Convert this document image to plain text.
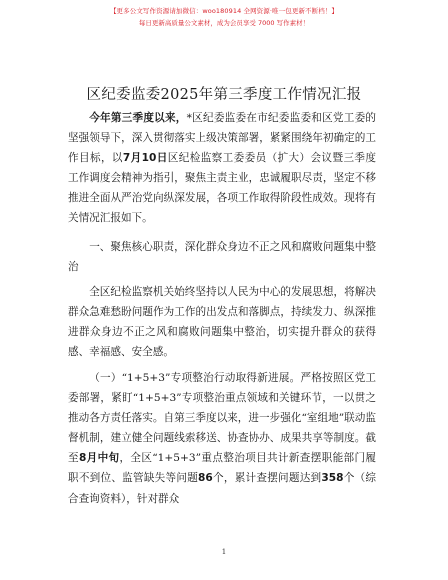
【更多公文写作资源请加微信：woo180914 全网资源·唯一包更新不断档！】
每日更新高质量公文素材，成为会员享受 7000 写作素材！
区纪委监委2025年第三季度工作情况汇报

今年第三季度以来，*区纪委监委在市纪委监委和区党工委的坚强领导下，深入贯彻落实上级决策部署，紧紧围绕年初确定的工作目标，以7月10日区纪检监察工委委员（扩大）会议暨三季度工作调度会精神为指引，聚焦主责主业，忠诚履职尽责，坚定不移推进全面从严治党向纵深发展，各项工作取得阶段性成效。现将有关情况汇报如下。

一、聚焦核心职责，深化群众身边不正之风和腐败问题集中整治

全区纪检监察机关始终坚持以人民为中心的发展思想，将解决群众急难愁盼问题作为工作的出发点和落脚点，持续发力、纵深推进群众身边不正之风和腐败问题集中整治，切实提升群众的获得感、幸福感、安全感。

（一）“1+5+3”专项整治行动取得新进展。严格按照区党工委部署，紧盯“1+5+3”专项整治重点领域和关键环节，一以贯之推动各方责任落实。自第三季度以来，进一步强化“室组地”联动监督机制，建立健全问题线索移送、协查协办、成果共享等制度。截至8月中旬，全区“1+5+3”重点整治项目共计新查摆职能部门履职不到位、监管缺失等问题86个，累计查摆问题达到358个（综合查询资料），针对群众

1
